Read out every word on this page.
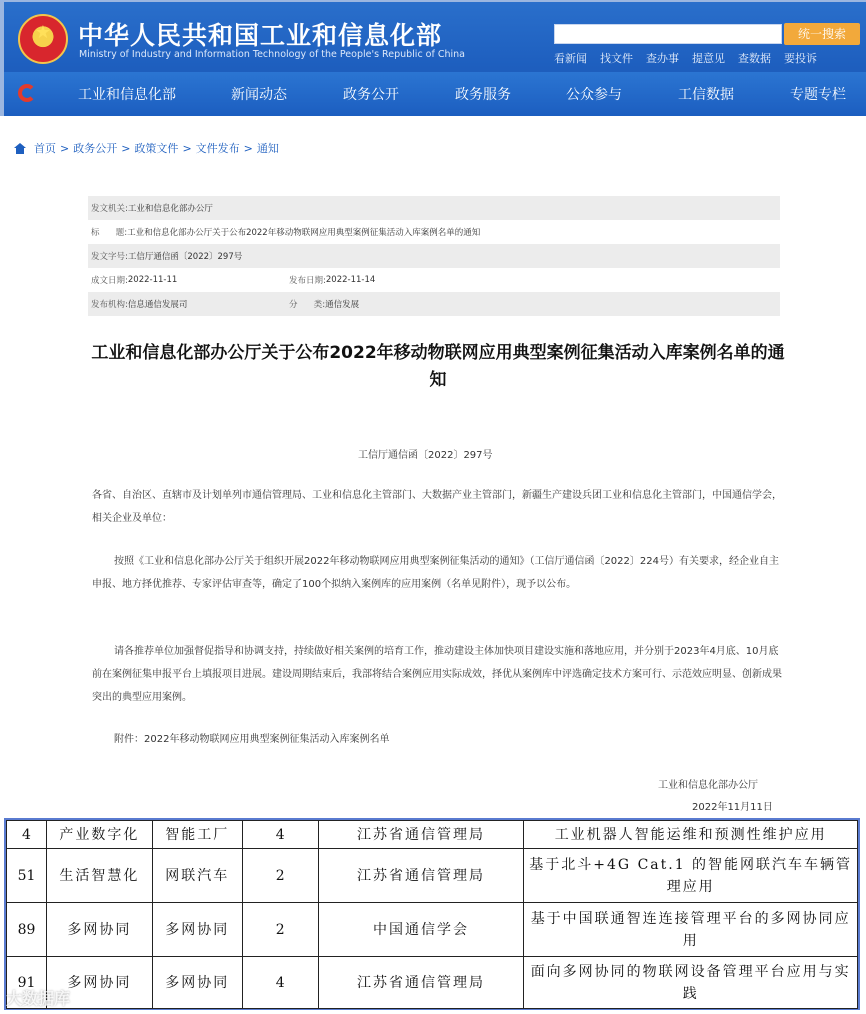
★
中华人民共和国工业和信息化部
Ministry of Industry and Information Technology of the People's Republic of China
统一搜索
看新闻 找文件 查办事 提意见 查数据 要投诉
工业和信息化部	新闻动态	政务公开	政务服务	公众参与	工信数据	专题专栏
首页 > 政务公开 > 政策文件 > 文件发布 > 通知
发文机关: 工业和信息化部办公厅
标      题: 工业和信息化部办公厅关于公布2022年移动物联网应用典型案例征集活动入库案例名单的通知
发文字号: 工信厅通信函〔2022〕297号
成文日期: 2022-11-11	发布日期: 2022-11-14
发布机构: 信息通信发展司	分      类: 通信发展
工业和信息化部办公厅关于公布2022年移动物联网应用典型案例征集活动入库案例名单的通知
工信厅通信函〔2022〕297号
各省、自治区、直辖市及计划单列市通信管理局、工业和信息化主管部门、大数据产业主管部门，新疆生产建设兵团工业和信息化主管部门，中国通信学会，相关企业及单位：
按照《工业和信息化部办公厅关于组织开展2022年移动物联网应用典型案例征集活动的通知》（工信厅通信函〔2022〕224号）有关要求，经企业自主申报、地方择优推荐、专家评估审查等，确定了100个拟纳入案例库的应用案例（名单见附件），现予以公布。
请各推荐单位加强督促指导和协调支持，持续做好相关案例的培育工作，推动建设主体加快项目建设实施和落地应用，并分别于2023年4月底、10月底前在案例征集申报平台上填报项目进展。建设周期结束后，我部将结合案例应用实际成效，择优从案例库中评选确定技术方案可行、示范效应明显、创新成果突出的典型应用案例。
附件：2022年移动物联网应用典型案例征集活动入库案例名单
工业和信息化部办公厅
2022年11月11日
4	产业数字化	智能工厂	4	江苏省通信管理局	工业机器人智能运维和预测性维护应用
51	生活智慧化	网联汽车	2	江苏省通信管理局	基于北斗+4G Cat.1 的智能网联汽车车辆管理应用
89	多网协同	多网协同	2	中国通信学会	基于中国联通智连连接管理平台的多网协同应用
91	多网协同	多网协同	4	江苏省通信管理局	面向多网协同的物联网设备管理平台应用与实践
大数据库
